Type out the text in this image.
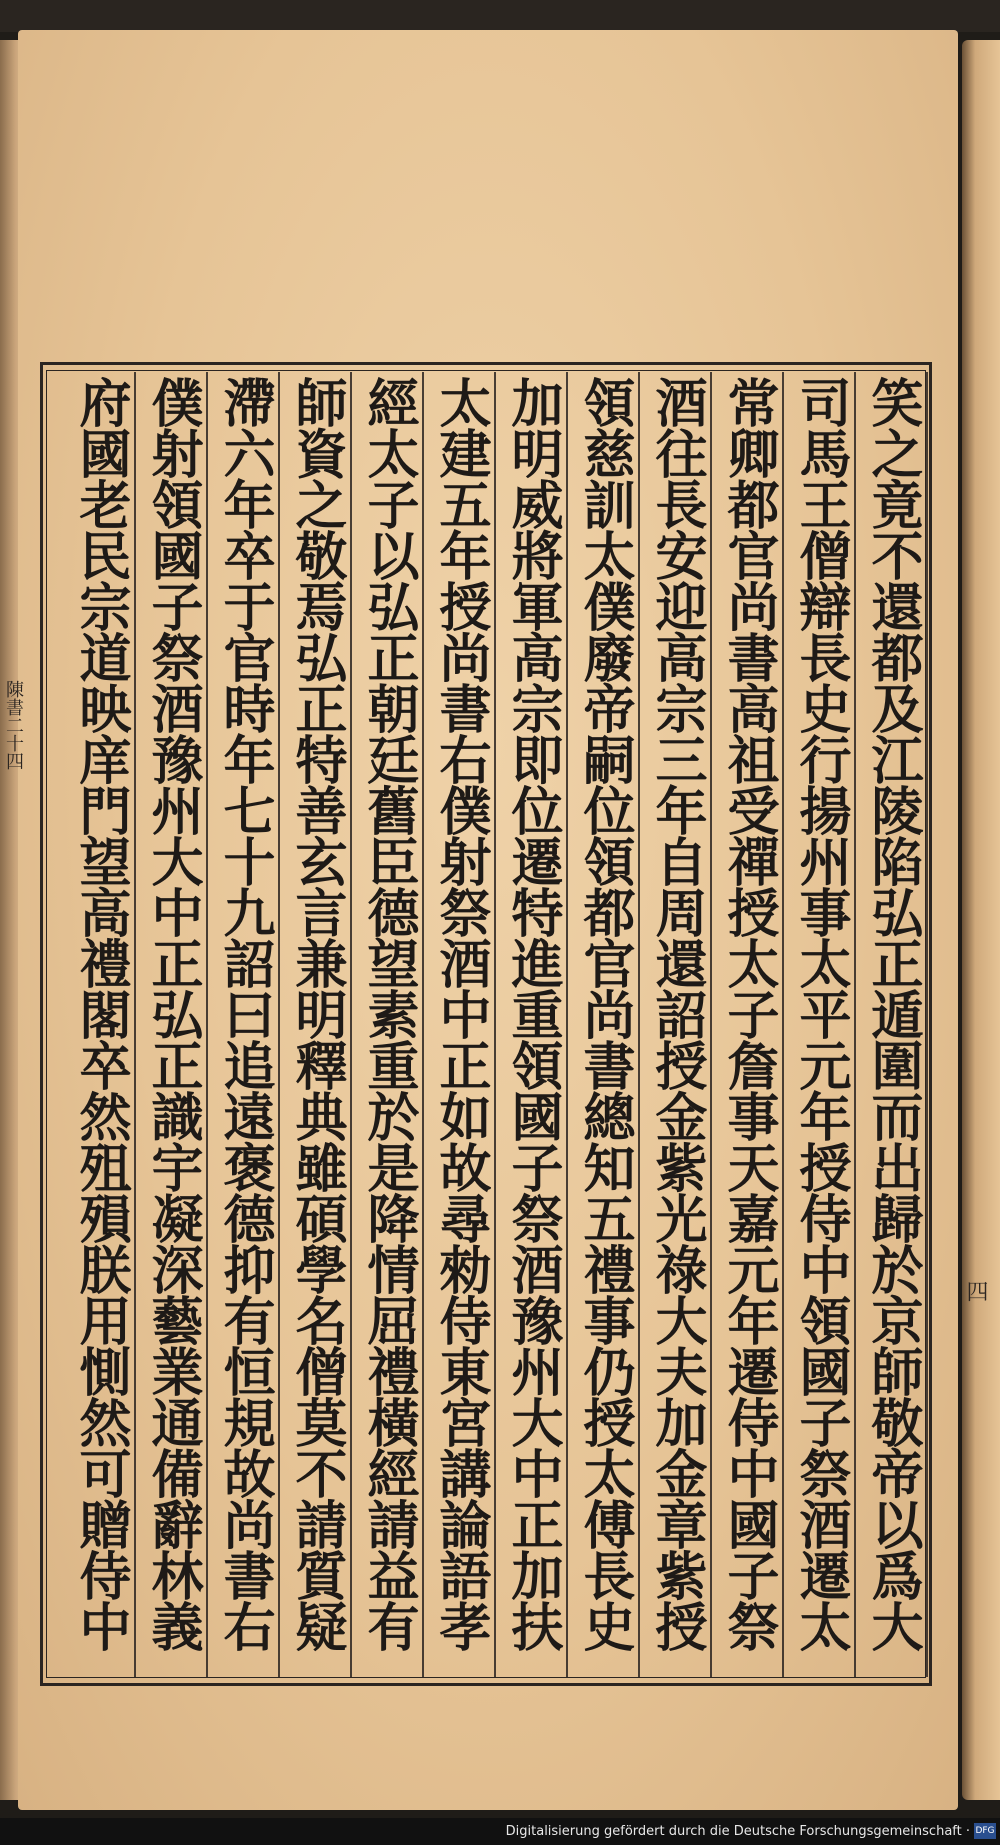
陳書二十四
四
笑之竟不還都及江陵陷弘正遁圍而出歸於京師敬帝以爲大
司馬王僧辯長史行揚州事太平元年授侍中領國子祭酒遷太
常卿都官尚書高祖受禪授太子詹事天嘉元年遷侍中國子祭
酒往長安迎高宗三年自周還詔授金紫光祿大夫加金章紫授
領慈訓太僕廢帝嗣位領都官尚書總知五禮事仍授太傅長史
加明威將軍高宗即位遷特進重領國子祭酒豫州大中正加扶
太建五年授尚書右僕射祭酒中正如故尋勑侍東宮講論語孝
經太子以弘正朝廷舊臣德望素重於是降情屈禮橫經請益有
師資之敬焉弘正特善玄言兼明釋典雖碩學名僧莫不請質疑
滯六年卒于官時年七十九詔曰追遠褒德抑有恒規故尚書右
僕射領國子祭酒豫州大中正弘正識宇凝深藝業通備辭林義
府國老民宗道映庠門望高禮閣卒然殂殞朕用惻然可贈侍中
Digitalisierung gefördert durch die Deutsche Forschungsgemeinschaft · DFG
